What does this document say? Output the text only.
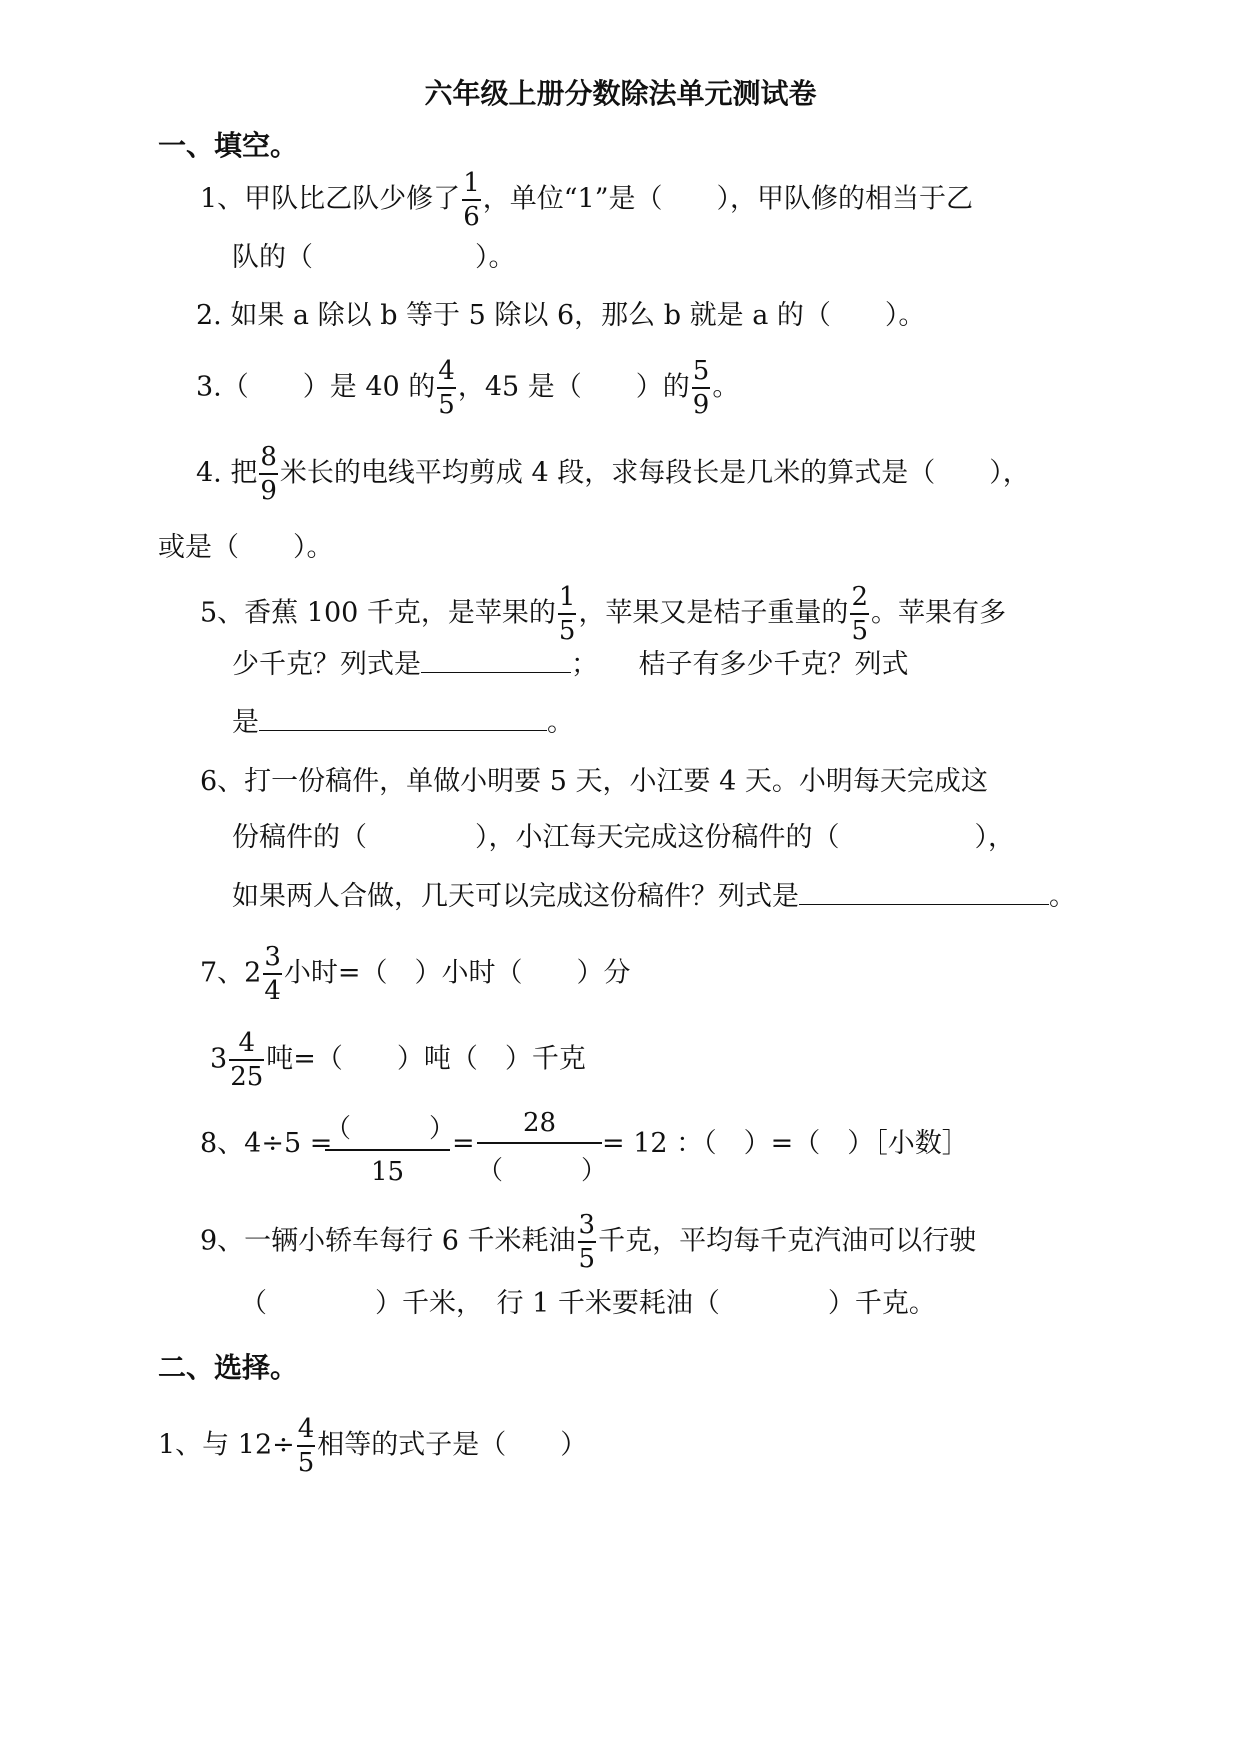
六年级上册分数除法单元测试卷
一、填空。
1、甲队比乙队少修了 $\frac{1}{6}$ ，单位“1”是（　　），甲队修的相当于乙
队的（　　　　　　）。
2. 如果 a 除以 b 等于 5 除以 6，那么 b 就是 a 的（　　）。
3.（　　）是 40 的 $\frac{4}{5}$ ，45 是（　　）的 $\frac{5}{9}$ 。
4. 把 $\frac{8}{9}$ 米长的电线平均剪成 4 段，求每段长是几米的算式是（　　），
或是（　　）。
5、香蕉 100 千克，是苹果的 $\frac{1}{5}$ ，苹果又是桔子重量的 $\frac{2}{5}$ 。苹果有多
少千克？列式是	；　　桔子有多少千克？列式
是	。
6、打一份稿件，单做小明要 5 天，小江要 4 天。小明每天完成这
份稿件的（　　　　），小江每天完成这份稿件的（　　　　　），
如果两人合做，几天可以完成这份稿件？列式是	。
7、$2 \frac{3}{4}$ 小时=（　）小时（　　）分
$3 \frac{4}{25}$ 吨=（　　）吨（　）千克
8、4÷5 =
（　　　）
15
=
28
（　　　）
= 12 ：（　）=（　）［小数］
9、一辆小轿车每行 6 千米耗油 $\frac{3}{5}$ 千克，平均每千克汽油可以行驶
（　　　　）千米，　行 1 千米要耗油（　　　　）千克。
二、选择。
1、与 $12\div \frac{4}{5}$ 相等的式子是（　　）
